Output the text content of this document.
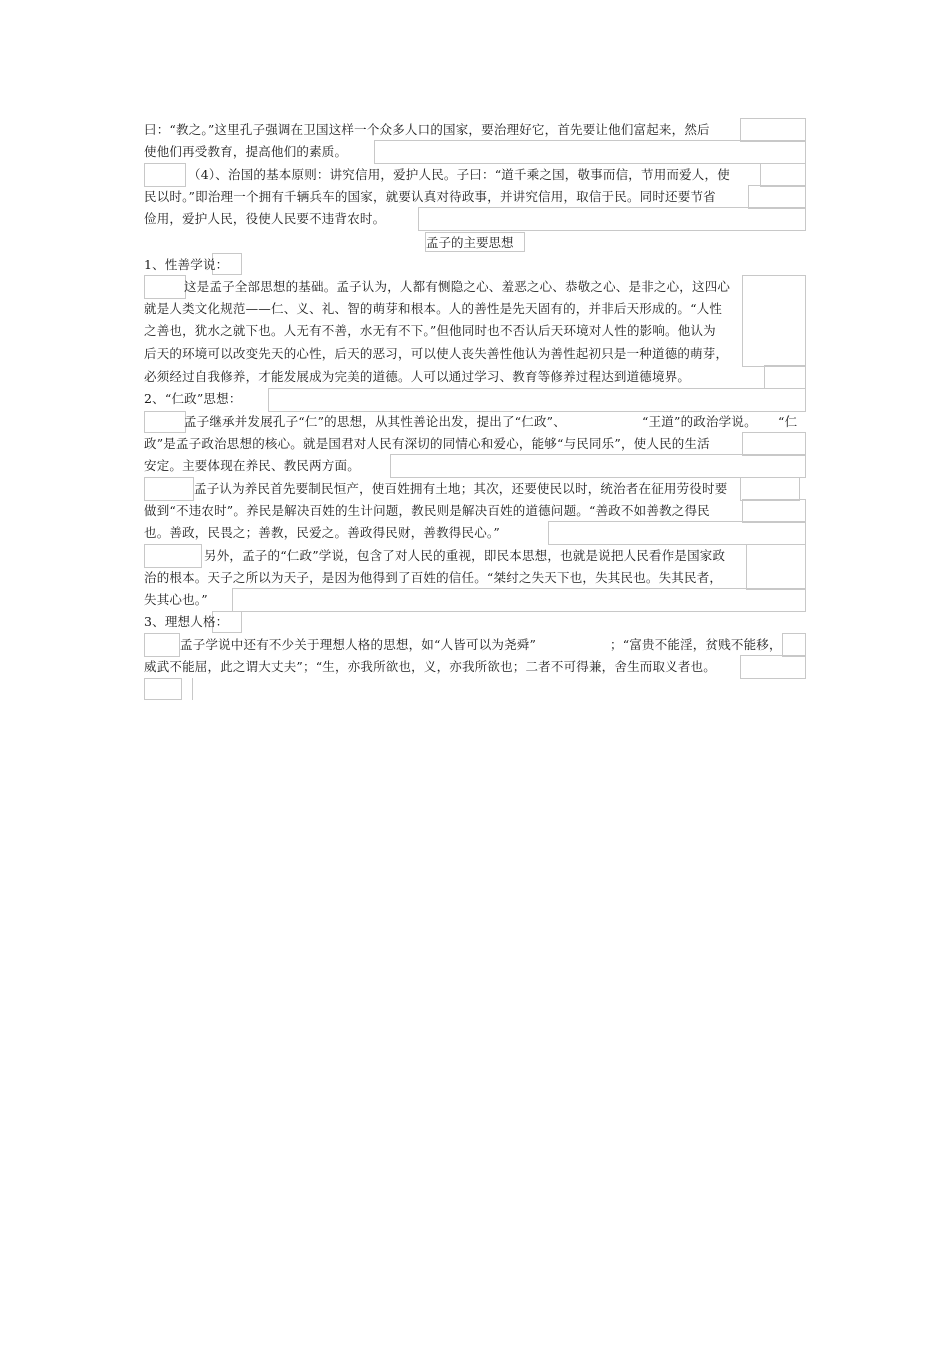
曰：“教之。”这里孔子强调在卫国这样一个众多人口的国家，要治理好它，首先要让他们富起来，然后
使他们再受教育，提高他们的素质。
（4）、治国的基本原则：讲究信用，爱护人民。子曰：“道千乘之国，敬事而信，节用而爱人，使
民以时。”即治理一个拥有千辆兵车的国家，就要认真对待政事，并讲究信用，取信于民。同时还要节省
俭用，爱护人民，役使人民要不违背农时。
孟子的主要思想
1、性善学说：
这是孟子全部思想的基础。孟子认为，人都有恻隐之心、羞恶之心、恭敬之心、是非之心，这四心
就是人类文化规范——仁、义、礼、智的萌芽和根本。人的善性是先天固有的，并非后天形成的。“人性
之善也，犹水之就下也。人无有不善，水无有不下。”但他同时也不否认后天环境对人性的影响。他认为
后天的环境可以改变先天的心性，后天的恶习，可以使人丧失善性他认为善性起初只是一种道德的萌芽，
必须经过自我修养，才能发展成为完美的道德。人可以通过学习、教育等修养过程达到道德境界。
2、“仁政”思想：
孟子继承并发展孔子“仁”的思想，从其性善论出发，提出了“仁政”、	“王道”的政治学说。 “仁
政”是孟子政治思想的核心。就是国君对人民有深切的同情心和爱心，能够“与民同乐”，使人民的生活
安定。主要体现在养民、教民两方面。
孟子认为养民首先要制民恒产，使百姓拥有土地；其次，还要使民以时，统治者在征用劳役时要
做到“不违农时”。养民是解决百姓的生计问题，教民则是解决百姓的道德问题。“善政不如善教之得民
也。善政，民畏之；善教，民爱之。善政得民财，善教得民心。”
另外，孟子的“仁政”学说，包含了对人民的重视，即民本思想，也就是说把人民看作是国家政
治的根本。天子之所以为天子，是因为他得到了百姓的信任。“桀纣之失天下也，失其民也。失其民者，
失其心也。”
3、理想人格：
孟子学说中还有不少关于理想人格的思想，如“人皆可以为尧舜”	；“富贵不能淫，贫贱不能移，
威武不能屈，此之谓大丈夫”；“生，亦我所欲也，义，亦我所欲也；二者不可得兼，舍生而取义者也。
